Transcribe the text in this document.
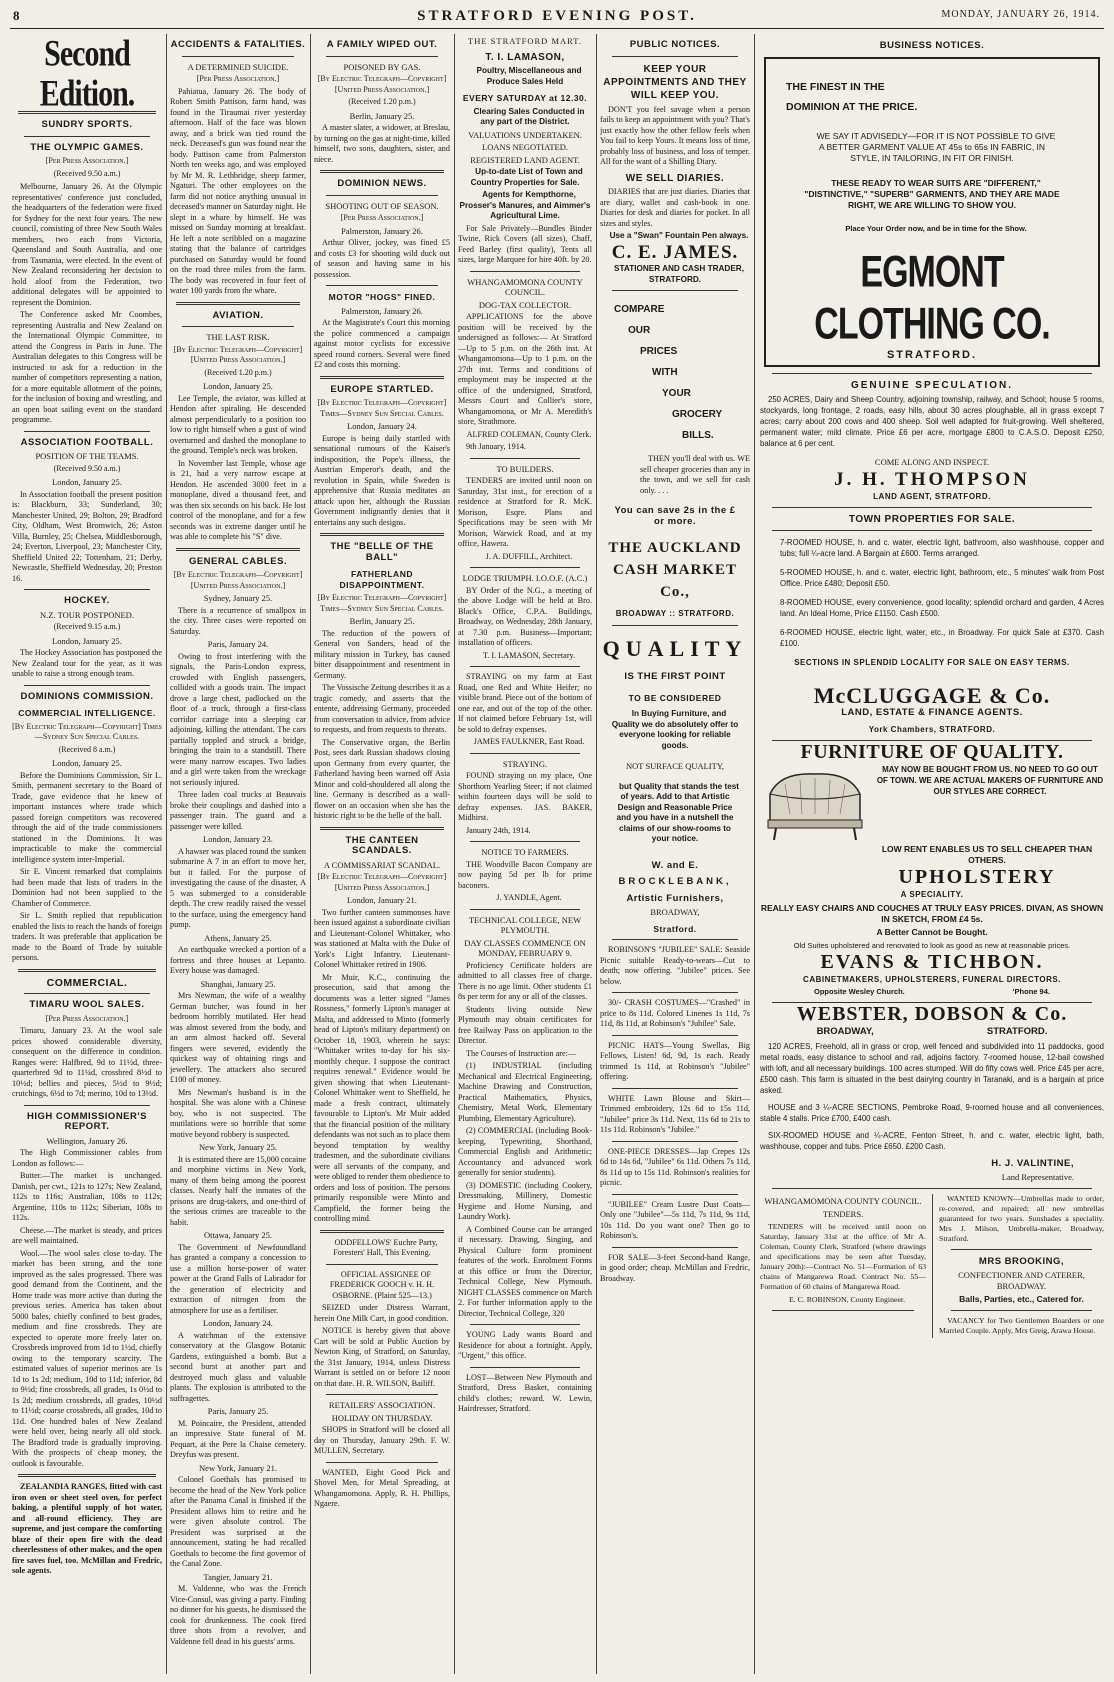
8	STRATFORD EVENING POST.	MONDAY, JANUARY 26, 1914.
Second Edition.
SUNDRY SPORTS.
THE OLYMPIC GAMES.
[Per Press Association.]
(Received 9.50 a.m.)
Melbourne, January 26. At the Olympic representatives' conference just concluded, the headquarters of the federation were fixed for Sydney for the next four years. The new council, consisting of three New South Wales members, two each from Victoria, Queensland and South Australia, and one from Tasmania, were elected. In the event of New Zealand reconsidering her decision to hold aloof from the Federation, two additional delegates will be appointed to represent the Dominion.
The Conference asked Mr Coombes, representing Australia and New Zealand on the International Olympic Committee, to attend the Congress in Paris in June. The Australian delegates to this Congress will be instructed to ask for a reduction in the number of competitors representing a nation, for a more equitable allotment of the points, for the inclusion of boxing and wrestling, and an open boat sailing event on the standard programme.
ASSOCIATION FOOTBALL.
POSITION OF THE TEAMS.
(Received 9.50 a.m.)
London, January 25.
In Association football the present position is: Blackburn, 33; Sunderland, 30; Manchester United, 29; Bolton, 29; Bradford City, Oldham, West Bromwich, 26; Aston Villa, Burnley, 25; Chelsea, Middlesborough, 24; Everton, Liverpool, 23; Manchester City, Sheffield United 22; Tottenham, 21; Derby, Newcastle, Sheffield Wednesday, 20; Preston 16.
HOCKEY.
N.Z. TOUR POSTPONED.
(Received 9.15 a.m.)
London, January 25.
The Hockey Association has postponed the New Zealand tour for the year, as it was unable to raise a strong enough team.
DOMINIONS COMMISSION.
COMMERCIAL INTELLIGENCE.
[By Electric Telegraph—Copyright] Times—Sydney Sun Special Cables.
(Received 8 a.m.)
London, January 25.
Before the Dominions Commission, Sir L. Smith, permanent secretary to the Board of Trade, gave evidence that he knew of important instances where trade which passed foreign competitors was recovered through the aid of the trade commissioners stationed in the Dominions. It was impracticable to make the commercial intelligence system inter-Imperial.
Sir E. Vincent remarked that complaints had been made that lists of traders in the Dominion had not been supplied to the Chamber of Commerce.
Sir L. Smith replied that republication enabled the lists to reach the hands of foreign traders. It was preferable that application be made to the Board of Trade by suitable persons.
COMMERCIAL.
TIMARU WOOL SALES.
[Per Press Association.]
Timaru, January 23. At the wool sale prices showed considerable diversity, consequent on the difference in condition. Ranges were: Halfbred, 9d to 11½d, three-quarterbred 9d to 11¼d, crossbred 8½d to 10½d; bellies and pieces, 5½d to 9½d; crutchings, 6½d to 7d; merino, 10d to 13½d.
HIGH COMMISSIONER'S REPORT.
Wellington, January 26.
The High Commissioner cables from London as follows:—
Butter.—The market is unchanged. Danish, per cwt., 121s to 127s; New Zealand, 112s to 116s; Australian, 108s to 112s; Argentine, 110s to 112s; Siberian, 108s to 112s.
Cheese.—The market is steady, and prices are well maintained.
Wool.—The wool sales close to-day. The market has been strong, and the tone improved as the sales progressed. There was good demand from the Continent, and the Home trade was more active than during the previous series. America has taken about 5000 bales, chiefly confined to best grades, medium and fine crossbreds. They are expected to operate more freely later on. Crossbreds improved from 1d to 1½d, chiefly owing to the temporary scarcity. The estimated values of superior merinos are 1s 1d to 1s 2d; medium, 10d to 11d; inferior, 8d to 9½d; fine crossbreds, all grades, 1s 0½d to 1s 2d; medium crossbreds, all grades, 10½d to 11½d; coarse crossbreds, all grades, 10d to 11d. One hundred bales of New Zealand were held over, being nearly all old stock. The Bradford trade is gradually improving. With the prospects of cheap money, the outlook is favourable.
ZEALANDIA RANGES, fitted with cast iron oven or sheet steel oven, for perfect baking, a plentiful supply of hot water, and all-round efficiency. They are supreme, and just compare the comforting blaze of their open fire with the dead cheerlessness of other makes, and the open fire saves fuel, too. McMillan and Fredric, sole agents.
ACCIDENTS & FATALITIES.
A DETERMINED SUICIDE.
[Per Press Association.]
Pahiatua, January 26. The body of Robert Smith Pattison, farm hand, was found in the Tiraumai river yesterday afternoon. Half of the face was blown away, and a brick was tied round the neck. Deceased's gun was found near the body. Pattison came from Palmerston North ten weeks ago, and was employed by Mr M. R. Lethbridge, sheep farmer, Ngaturi. The other employees on the farm did not notice anything unusual in deceased's manner on Saturday night. He slept in a whare by himself. He was missed on Sunday morning at breakfast. He left a note scribbled on a magazine stating that the balance of cartridges purchased on Saturday would be found on the road three miles from the farm. The body was recovered in four feet of water 100 yards from the whare.
AVIATION.
THE LAST RISK.
[By Electric Telegraph—Copyright] [United Press Association.]
(Received 1.20 p.m.)
London, January 25.
Lee Temple, the aviator, was killed at Hendon after spiraling. He descended almost perpendicularly to a position too low to right himself when a gust of wind overturned and dashed the monoplane to the ground. Temple's neck was broken.
In November last Temple, whose age is 21, had a very narrow escape at Hendon. He ascended 3000 feet in a monoplane, dived a thousand feet, and was then six seconds on his back. He lost control of the monoplane, and for a few seconds was in extreme danger until he was able to complete his "S" dive.
GENERAL CABLES.
[By Electric Telegraph—Copyright] [United Press Association.]
Sydney, January 25.
There is a recurrence of smallpox in the city. Three cases were reported on Saturday.
Paris, January 24.
Owing to frost interfering with the signals, the Paris-London express, crowded with English passengers, collided with a goods train. The impact drove a large chest, padlocked on the floor of a truck, through a first-class corridor carriage into a sleeping car adjoining, killing the attendant. The cars partially toppled and struck a bridge, bringing the train to a standstill. There were many narrow escapes. Two ladies and a girl were taken from the wreckage not seriously injured.
Three laden coal trucks at Beauvais broke their couplings and dashed into a passenger train. The guard and a passenger were killed.
London, January 23.
A hawser was placed round the sunken submarine A 7 in an effort to move her, but it failed. For the purpose of investigating the cause of the disaster, A 5 was submerged to a considerable depth. The crew readily raised the vessel to the surface, using the emergency hand pump.
Athens, January 25.
An earthquake wrecked a portion of a fortress and three houses at Lepanto. Every house was damaged.
Shanghai, January 25.
Mrs Newman, the wife of a wealthy German butcher, was found in her bedroom horribly mutilated. Her head was almost severed from the body, and an arm almost hacked off. Several fingers were severed, evidently the quickest way of obtaining rings and jewellery. The attackers also secured £100 of money.
Mrs Newman's husband is in the hospital. She was alone with a Chinese boy, who is not suspected. The mutilations were so horrible that some motive beyond robbery is suspected.
New York, January 25.
It is estimated there are 15,000 cocaine and morphine victims in New York, many of them being among the poorest classes. Nearly half the inmates of the prisons are drug-takers, and one-third of the serious crimes are traceable to the habit.
Ottawa, January 25.
The Government of Newfoundland has granted a company a concession to use a million horse-power of water power at the Grand Falls of Labrador for the generation of electricity and extraction of nitrogen from the atmosphere for use as a fertiliser.
London, January 24.
A watchman of the extensive conservatory at the Glasgow Botanic Gardens, extinguished a bomb. But a second burst at another part and destroyed much glass and valuable plants. The explosion is attributed to the suffragettes.
Paris, January 25.
M. Poincaire, the President, attended an impressive State funeral of M. Pequart, at the Pere la Chaise cemetery. Dreyfus was present.
New York, January 21.
Colonel Goethals has promised to become the head of the New York police after the Panama Canal is finished if the President allows him to retire and he were given absolute control. The President was surprised at the announcement, stating he had recalled Goethals to become the first governor of the Canal Zone.
Tangier, January 21.
M. Valdenne, who was the French Vice-Consul, was giving a party. Finding no dinner for his guests, he dismissed the cook for drunkenness. The cook fired three shots from a revolver, and Valdenne fell dead in his guests' arms.
A FAMILY WIPED OUT.
POISONED BY GAS.
[By Electric Telegraph—Copyright] [United Press Association.]
(Received 1.20 p.m.)
Berlin, January 25.
A master slater, a widower, at Breslau, by turning on the gas at night-time, killed himself, two sons, daughters, sister, and niece.
DOMINION NEWS.
SHOOTING OUT OF SEASON.
[Per Press Association.]
Palmerston, January 26.
Arthur Oliver, jockey, was fined £5 and costs £3 for shooting wild duck out of season and having same in his possession.
MOTOR "HOGS" FINED.
Palmerston, January 26.
At the Magistrate's Court this morning the police commenced a campaign against motor cyclists for excessive speed round corners. Several were fined £2 and costs this morning.
EUROPE STARTLED.
[By Electric Telegraph—Copyright] Times—Sydney Sun Special Cables.
London, January 24.
Europe is being daily startled with sensational rumours of the Kaiser's indisposition, the Pope's illness, the Austrian Emperor's death, and the revolution in Spain, while Sweden is apprehensive that Russia meditates an attack upon her, although the Russian Government indignantly denies that it entertains any such designs.
THE "BELLE OF THE BALL"
FATHERLAND DISAPPOINTMENT.
[By Electric Telegraph—Copyright] Times—Sydney Sun Special Cables.
Berlin, January 25.
The reduction of the powers of General von Sanders, head of the military mission in Turkey, has caused bitter disappointment and resentment in Germany.
The Vossische Zeitung describes it as a tragic comedy, and asserts that the entente, addressing Germany, proceeded from conversation to advice, from advice to requests, and from requests to threats.
The Conservative organ, the Berlin Post, sees dark Russian shadows closing upon Germany from every quarter, the Fatherland having been warned off Asia Minor and cold-shouldered all along the line. Germany is described as a wall-flower on an occasion when she has the historic right to be the belle of the ball.
THE CANTEEN SCANDALS.
A COMMISSARIAT SCANDAL.
[By Electric Telegraph—Copyright] [United Press Association.]
London, January 21.
Two further canteen summonses have been issued against a subordinate civilian and Lieutenant-Colonel Whittaker, who was stationed at Malta with the Duke of York's Light Infantry. Lieutenant-Colonel Whittaker retired in 1906.
Mr Muir, K.C., continuing the prosecution, said that among the documents was a letter signed "James Rossness," formerly Lipton's manager at Malta, and addressed to Minto (formerly head of Lipton's military department) on October 18, 1903, wherein he says: "Whittaker writes to-day for his six-monthly cheque. I suppose the contract requires renewal." Evidence would be given showing that when Lieutenant-Colonel Whittaker went to Sheffield, he made a fresh contract, ultimately favourable to Lipton's. Mr Muir added that the financial position of the military defendants was not such as to place them beyond temptation by wealthy tradesmen, and the subordinate civilians were all servants of the company, and were obliged to render them obedience to orders and loss of position. The persons primarily responsible were Minto and Campfield, the former being the controlling mind.
ODDFELLOWS' Euchre Party, Foresters' Hall, This Evening.
OFFICIAL ASSIGNEE OF FREDERICK GOOCH v. H. H. OSBORNE. (Plaint 525—13.)
SEIZED under Distress Warrant, herein One Milk Cart, in good condition.
NOTICE is hereby given that above Cart will be sold at Public Auction by Newton King, of Stratford, on Saturday, the 31st January, 1914, unless Distress Warrant is settled on or before 12 noon on that date. H. R. WILSON, Bailiff.
RETAILERS' ASSOCIATION.
HOLIDAY ON THURSDAY.
SHOPS in Stratford will be closed all day on Thursday, January 29th. F. W. MULLEN, Secretary.
WANTED, Eight Good Pick and Shovel Men, for Metal Spreading, at Whangamomona. Apply, R. H. Phillips, Ngaere.
THE STRATFORD MART.
T. I. LAMASON,
Poultry, Miscellaneous and Produce Sales Held
EVERY SATURDAY at 12.30.
Clearing Sales Conducted in any part of the District.
VALUATIONS UNDERTAKEN.
LOANS NEGOTIATED.
REGISTERED LAND AGENT.
Up-to-date List of Town and Country Properties for Sale.
Agents for Kempthorne, Prosser's Manures, and Aimmer's Agricultural Lime.
For Sale Privately—Bundles Binder Twine, Rick Covers (all sizes), Chaff, Feed Barley (first quality), Tents all sizes, large Marquee for hire 40ft. by 20.
WHANGAMOMONA COUNTY COUNCIL.
DOG-TAX COLLECTOR.
APPLICATIONS for the above position will be received by the undersigned as follows:— At Stratford—Up to 5 p.m. on the 26th inst. At Whangamomona—Up to 1 p.m. on the 27th inst. Terms and conditions of employment may be inspected at the office of the undersigned, Stratford, Messrs Court and Collier's store, Whangamomona, or Mr A. Meredith's store, Strathmore.
ALFRED COLEMAN, County Clerk.
9th January, 1914.
TO BUILDERS.
TENDERS are invited until noon on Saturday, 31st inst., for erection of a residence at Stratford for R. McK. Morison, Esqre. Plans and Specifications may be seen with Mr Morison, Warwick Road, and at my office, Hawera.
J. A. DUFFILL, Architect.
LODGE TRIUMPH. I.O.O.F. (A.C.)
BY Order of the N.G., a meeting of the above Lodge will be held at Bro. Black's Office, C.P.A. Buildings, Broadway, on Wednesday, 28th January, at 7.30 p.m. Business—Important; installation of officers.
T. I. LAMASON, Secretary.
STRAYING on my farm at East Road, one Red and White Heifer; no visible brand. Piece out of the bottom of one ear, and out of the top of the other. If not claimed before February 1st, will be sold to defray expenses.
JAMES FAULKNER, East Road.
STRAYING.
FOUND straying on my place, One Shorthorn Yearling Steer; if not claimed within fourteen days will be sold to defray expenses. JAS. BAKER, Midhirst.
January 24th, 1914.
NOTICE TO FARMERS.
THE Woodville Bacon Company are now paying 5d per lb for prime baconers.
J. YANDLE, Agent.
TECHNICAL COLLEGE, NEW PLYMOUTH.
DAY CLASSES COMMENCE ON MONDAY, FEBRUARY 9.
Proficiency Certificate holders are admitted to all classes free of charge. There is no age limit. Other students £1 8s per term for any or all of the classes.
Students living outside New Plymouth may obtain certificates for free Railway Pass on application to the Director.
The Courses of Instruction are:—
(1) INDUSTRIAL (including Mechanical and Electrical Engineering, Machine Drawing and Construction, Practical Mathematics, Physics, Chemistry, Metal Work, Elementary Plumbing, Elementary Agriculture).
(2) COMMERCIAL (including Book-keeping, Typewriting, Shorthand, Commercial English and Arithmetic; Accountancy and advanced work generally for senior students).
(3) DOMESTIC (including Cookery, Dressmaking, Millinery, Domestic Hygiene and Home Nursing, and Laundry Work).
A Combined Course can be arranged if necessary. Drawing, Singing, and Physical Culture form prominent features of the work. Enrolment Forms at this office or from the Director, Technical College, New Plymouth. NIGHT CLASSES commence on March 2. For further information apply to the Director, Technical College, 320
YOUNG Lady wants Board and Residence for about a fortnight. Apply, "Urgent," this office.
LOST—Between New Plymouth and Stratford, Dress Basket, containing child's clothes; reward. W. Lewin, Hairdresser, Stratford.
PUBLIC NOTICES.
KEEP YOUR APPOINTMENTS AND THEY WILL KEEP YOU.
DON'T you feel savage when a person fails to keep an appointment with you? That's just exactly how the other fellow feels when You fail to keep Yours. It means loss of time, probably loss of business, and loss of temper. All for the want of a Shilling Diary.
WE SELL DIARIES.
DIARIES that are just diaries. Diaries that are diary, wallet and cash-book in one. Diaries for desk and diaries for pocket. In all sizes and styles.
Use a "Swan" Fountain Pen always.
C. E. JAMES.
STATIONER AND CASH TRADER, STRATFORD.
COMPARE
OUR
PRICES
WITH
YOUR
GROCERY
BILLS.
THEN you'll deal with us. WE sell cheaper groceries than any in the town, and we sell for cash only. . . .
You can save 2s in the £ or more.
THE AUCKLAND CASH MARKET Co.,
BROADWAY :: STRATFORD.
QUALITY
IS THE FIRST POINT
TO BE CONSIDERED
In Buying Furniture, and Quality we do absolutely offer to everyone looking for reliable goods.
NOT SURFACE QUALITY,
but Quality that stands the test of years. Add to that Artistic Design and Reasonable Price and you have in a nutshell the claims of our show-rooms to your notice.
W. and E.
BROCKLEBANK,
Artistic Furnishers,
BROADWAY,
Stratford.
ROBINSON'S "JUBILEE" SALE: Seaside Picnic suitable Ready-to-wears—Cut to death; now offering. "Jubilee" prices. See below.
30/- CRASH COSTUMES—"Crashed" in price to 8s 11d. Colored Linenes 1s 11d, 7s 11d, 8s 11d, at Robinson's "Jubilee" Sale.
PICNIC HATS—Young Swellas, Big Fellows, Listen! 6d, 9d, 1s each. Ready trimmed 1s 11d, at Robinson's "Jubilee" offering.
WHITE Lawn Blouse and Skirt—Trimmed embroidery, 12s 6d to 15s 11d, "Jubilee" price 3s 11d. Next, 11s 6d to 21s to 11s 11d. Robinson's "Jubilee."
ONE-PIECE DRESSES—Jap Crepes 12s 6d to 14s 6d, "Jubilee" 6s 11d. Others 7s 11d, 8s 11d up to 15s 11d. Robinson's realities for picnic.
"JUBILEE" Cream Lustre Dust Coats—Only one "Jubilee"—5s 11d, 7s 11d, 9s 11d, 10s 11d. Do you want one? Then go to Robinson's.
FOR SALE—3-feet Second-hand Range, in good order; cheap. McMillan and Fredric, Broadway.
BUSINESS NOTICES.
THE FINEST IN THE DOMINION AT THE PRICE.
WE SAY IT ADVISEDLY—FOR IT IS NOT POSSIBLE TO GIVE A BETTER GARMENT VALUE AT 45s to 65s IN FABRIC, IN STYLE, IN TAILORING, IN FIT OR FINISH.
THESE READY TO WEAR SUITS ARE "DIFFERENT," "DISTINCTIVE," "SUPERB" GARMENTS, AND THEY ARE MADE RIGHT, WE ARE WILLING TO SHOW YOU.
Place Your Order now, and be in time for the Show.
EGMONT CLOTHING CO.
STRATFORD.
GENUINE SPECULATION.
250 ACRES, Dairy and Sheep Country, adjoining township, railway, and School; house 5 rooms, stockyards, long frontage, 2 roads, easy hills, about 30 acres ploughable, all in grass except 7 acres; carry about 200 cows and 400 sheep. Soil well adapted for fruit-growing. Well sheltered, permanent water; mild climate. Price £6 per acre, mortgage £800 to C.A.S.O. Deposit £250, balance at 6 per cent.
COME ALONG AND INSPECT.
J. H. THOMPSON
LAND AGENT, STRATFORD.
TOWN PROPERTIES FOR SALE.
7-ROOMED HOUSE, h. and c. water, electric light, bathroom, also washhouse, copper and tubs; full ¼-acre land. A Bargain at £600. Terms arranged.
5-ROOMED HOUSE, h. and c. water, electric light, bathroom, etc., 5 minutes' walk from Post Office. Price £480; Deposit £50.
8-ROOMED HOUSE, every convenience, good locality; splendid orchard and garden, 4 Acres land. An Ideal Home, Price £1150. Cash £500.
6-ROOMED HOUSE, electric light, water, etc., in Broadway. For quick Sale at £370. Cash £100.
SECTIONS IN SPLENDID LOCALITY FOR SALE ON EASY TERMS.
McCLUGGAGE & Co.
LAND, ESTATE & FINANCE AGENTS.
York Chambers, STRATFORD.
FURNITURE OF QUALITY.
MAY NOW BE BOUGHT FROM US. NO NEED TO GO OUT OF TOWN. WE ARE ACTUAL MAKERS OF FURNITURE AND OUR STYLES ARE CORRECT.
LOW RENT ENABLES US TO SELL CHEAPER THAN OTHERS.
UPHOLSTERY
A SPECIALITY.
REALLY EASY CHAIRS AND COUCHES AT TRULY EASY PRICES. DIVAN, AS SHOWN IN SKETCH, FROM £4 5s.
A Better Cannot be Bought.
Old Suites upholstered and renovated to look as good as new at reasonable prices.
EVANS & TICHBON.
CABINETMAKERS, UPHOLSTERERS, FUNERAL DIRECTORS.
Opposite Wesley Church.	'Phone 94.
WEBSTER, DOBSON & Co.
BROADWAY,	STRATFORD.
120 ACRES, Freehold, all in grass or crop, well fenced and subdivided into 11 paddocks, good metal roads, easy distance to school and rail, adjoins factory. 7-roomed house, 12-bail cowshed with loft, and all necessary buildings. 100 acres stumped. Will do fifty cows well. Price £45 per acre, £500 cash. This farm is situated in the best dairying country in Taranaki, and is a bargain at price asked.
HOUSE and 3 ¼-ACRE SECTIONS, Pembroke Road, 9-roomed house and all conveniences, stable 4 stalls. Price £700, £400 cash.
SIX-ROOMED HOUSE and ¼-ACRE, Fenton Street, h. and c. water, electric light, bath, washhouse, copper and tubs. Price £650. £200 Cash.
H. J. VALINTINE,
Land Representative.
WHANGAMOMONA COUNTY COUNCIL.
TENDERS.
TENDERS will be received until noon on Saturday, January 31st at the office of Mr A. Coleman, County Clerk, Stratford (where drawings and specifications may be seen after Tuesday, January 20th):—Contract No. 51—Formation of 63 chains of Mangarewa Road. Contract No. 55—Formation of 60 chains of Mangarewa Road.
E. C. ROBINSON, County Engineer.
WANTED KNOWN—Umbrellas made to order, re-covered, and repaired; all new umbrellas guaranteed for two years. Sunshades a speciality. Mrs J. Milson, Umbrella-maker, Broadway, Stratford.
MRS BROOKING,
CONFECTIONER AND CATERER, BROADWAY.
Balls, Parties, etc., Catered for.
VACANCY for Two Gentlemen Boarders or one Married Couple. Apply, Mrs Greig, Arawa House.
